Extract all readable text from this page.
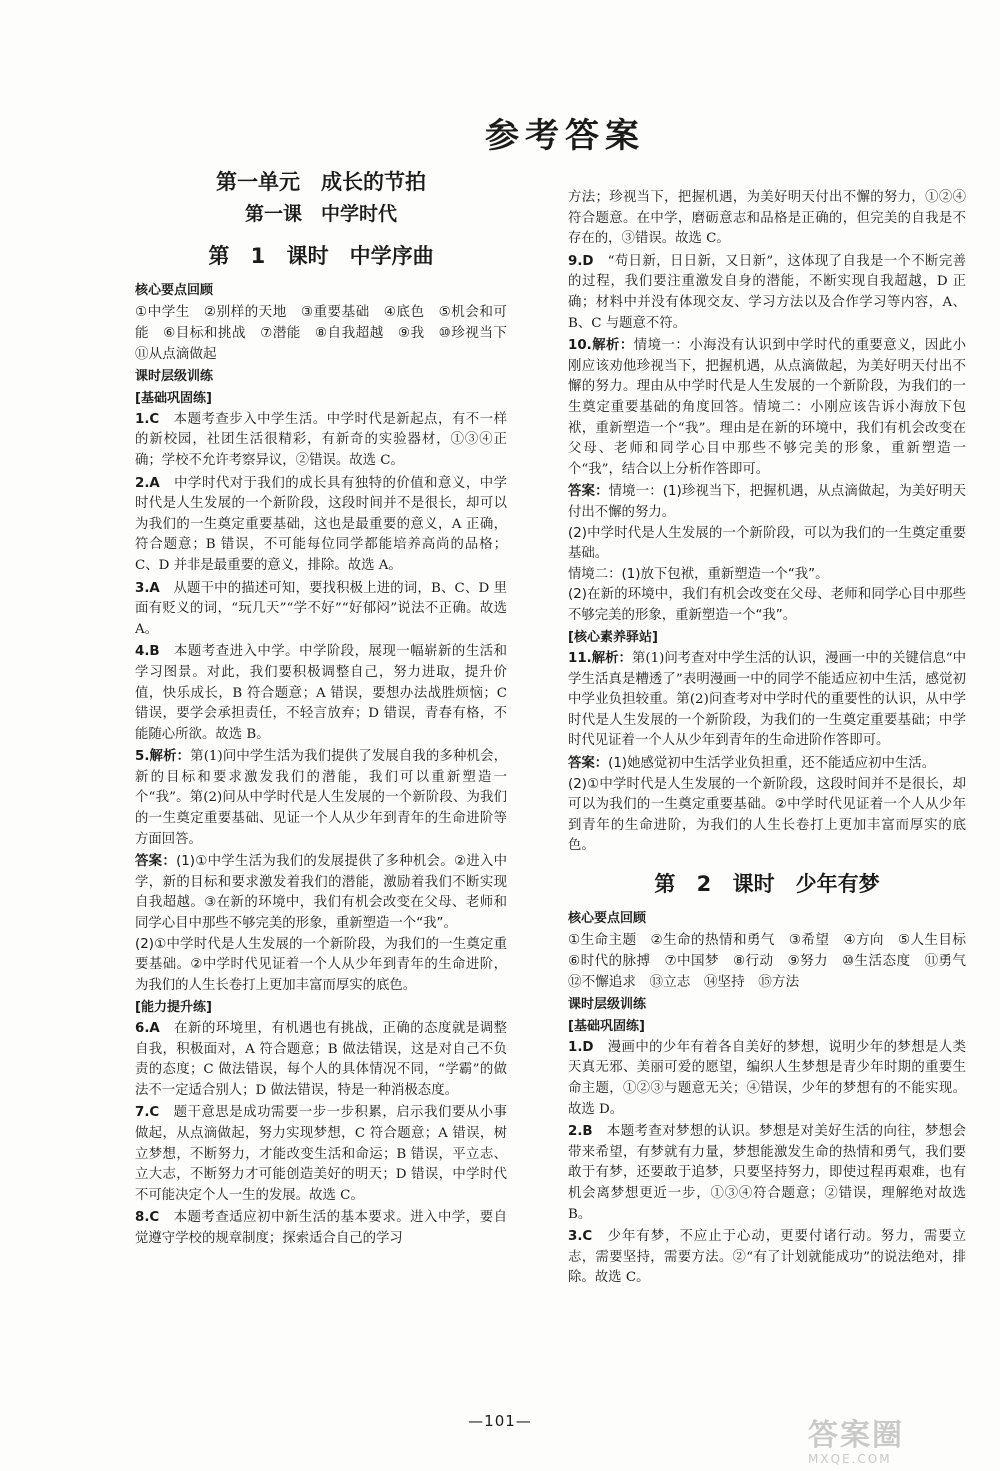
参考答案
第一单元　成长的节拍
第一课　中学时代
第 1 课时　中学序曲
核心要点回顾
①中学生　②别样的天地　③重要基础　④底色　⑤机会和可能　⑥目标和挑战　⑦潜能　⑧自我超越　⑨我　⑩珍视当下　⑪从点滴做起
课时层级训练
[基础巩固练]

1.C　本题考查步入中学生活。中学时代是新起点，有不一样的新校园，社团生活很精彩，有新奇的实验器材，①③④正确；学校不允许考察异议，②错误。故选 C。

2.A　中学时代对于我们的成长具有独特的价值和意义，中学时代是人生发展的一个新阶段，这段时间并不是很长，却可以为我们的一生奠定重要基础，这也是最重要的意义，A 正确，符合题意；B 错误，不可能每位同学都能培养高尚的品格；C、D 并非是最重要的意义，排除。故选 A。

3.A　从题干中的描述可知，要找积极上进的词，B、C、D 里面有贬义的词，“玩几天”“学不好”“好郁闷”说法不正确。故选 A。

4.B　本题考查进入中学。中学阶段，展现一幅崭新的生活和学习图景。对此，我们要积极调整自己，努力进取，提升价值，快乐成长，B 符合题意；A 错误，要想办法战胜烦恼；C 错误，要学会承担责任，不轻言放弃；D 错误，青春有格，不能随心所欲。故选 B。

5.解析：第(1)问中学生活为我们提供了发展自我的多种机会，新的目标和要求激发我们的潜能，我们可以重新塑造一个“我”。第(2)问从中学时代是人生发展的一个新阶段、为我们的一生奠定重要基础、见证一个人从少年到青年的生命进阶等方面回答。

答案：(1)①中学生活为我们的发展提供了多种机会。②进入中学，新的目标和要求激发着我们的潜能，激励着我们不断实现自我超越。③在新的环境中，我们有机会改变在父母、老师和同学心目中那些不够完美的形象，重新塑造一个“我”。

(2)①中学时代是人生发展的一个新阶段，为我们的一生奠定重要基础。②中学时代见证着一个人从少年到青年的生命进阶，为我们的人生长卷打上更加丰富而厚实的底色。

[能力提升练]

6.A　在新的环境里，有机遇也有挑战，正确的态度就是调整自我，积极面对，A 符合题意；B 做法错误，这是对自己不负责的态度；C 做法错误，每个人的具体情况不同，“学霸”的做法不一定适合别人；D 做法错误，特是一种消极态度。

7.C　题干意思是成功需要一步一步积累，启示我们要从小事做起，从点滴做起，努力实现梦想，C 符合题意；A 错误，树立梦想，不断努力，才能改变生活和命运；B 错误，平立志、立大志，不断努力才可能创造美好的明天；D 错误，中学时代不可能决定个人一生的发展。故选 C。

8.C　本题考查适应初中新生活的基本要求。进入中学，要自觉遵守学校的规章制度；探索适合自己的学习

方法；珍视当下，把握机遇，为美好明天付出不懈的努力，①②④符合题意。在中学，磨砺意志和品格是正确的，但完美的自我是不存在的，③错误。故选 C。

9.D　“苟日新，日日新，又日新”，这体现了自我是一个不断完善的过程，我们要注重激发自身的潜能，不断实现自我超越，D 正确；材料中并没有体现交友、学习方法以及合作学习等内容，A、B、C 与题意不符。

10.解析：情境一：小海没有认识到中学时代的重要意义，因此小刚应该劝他珍视当下，把握机遇，从点滴做起，为美好明天付出不懈的努力。理由从中学时代是人生发展的一个新阶段，为我们的一生奠定重要基础的角度回答。情境二：小刚应该告诉小海放下包袱，重新塑造一个“我”。理由是在新的环境中，我们有机会改变在父母、老师和同学心目中那些不够完美的形象，重新塑造一个“我”，结合以上分析作答即可。

答案：情境一：(1)珍视当下，把握机遇，从点滴做起，为美好明天付出不懈的努力。

(2)中学时代是人生发展的一个新阶段，可以为我们的一生奠定重要基础。

情境二：(1)放下包袱，重新塑造一个“我”。

(2)在新的环境中，我们有机会改变在父母、老师和同学心目中那些不够完美的形象，重新塑造一个“我”。

[核心素养驿站]

11.解析：第(1)问考查对中学生活的认识，漫画一中的关键信息“中学生活真是糟透了”表明漫画一中的同学不能适应初中生活，感觉初中学业负担较重。第(2)问查考对中学时代的重要性的认识，从中学时代是人生发展的一个新阶段，为我们的一生奠定重要基础；中学时代见证着一个人从少年到青年的生命进阶作答即可。

答案：(1)她感觉初中生活学业负担重，还不能适应初中生活。

(2)①中学时代是人生发展的一个新阶段，这段时间并不是很长，却可以为我们的一生奠定重要基础。②中学时代见证着一个人从少年到青年的生命进阶，为我们的人生长卷打上更加丰富而厚实的底色。

第 2 课时　少年有梦
核心要点回顾
①生命主题　②生命的热情和勇气　③希望　④方向　⑤人生目标　⑥时代的脉搏　⑦中国梦　⑧行动　⑨努力　⑩生活态度　⑪勇气　⑫不懈追求　⑬立志　⑭坚持　⑮方法
课时层级训练
[基础巩固练]

1.D　漫画中的少年有着各自美好的梦想，说明少年的梦想是人类天真无邪、美丽可爱的愿望，编织人生梦想是青少年时期的重要生命主题，①②③与题意无关；④错误，少年的梦想有的不能实现。故选 D。

2.B　本题考查对梦想的认识。梦想是对美好生活的向往，梦想会带来希望，有梦就有力量，梦想能激发生命的热情和勇气，我们要敢于有梦，还要敢于追梦，只要坚持努力，即使过程再艰难，也有机会离梦想更近一步，①③④符合题意；②错误，理解绝对故选 B。

3.C　少年有梦，不应止于心动，更要付诸行动。努力，需要立志，需要坚持，需要方法。②“有了计划就能成功”的说法绝对，排除。故选 C。

—101—	答案圈
MXQE.COM
